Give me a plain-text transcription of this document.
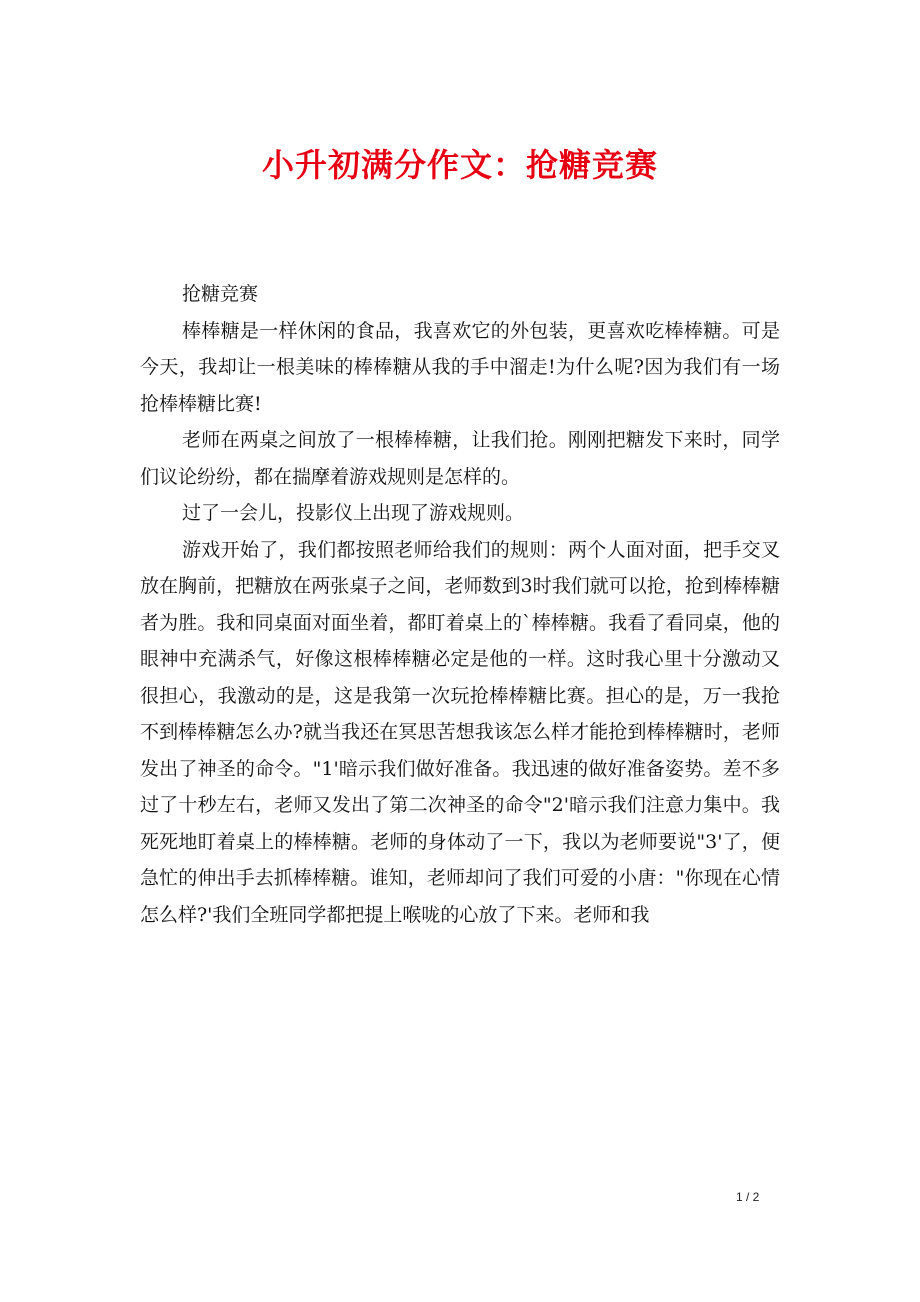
小升初满分作文：抢糖竞赛

抢糖竞赛

棒棒糖是一样休闲的食品，我喜欢它的外包装，更喜欢吃棒棒糖。可是今天，我却让一根美味的棒棒糖从我的手中溜走!为什么呢?因为我们有一场抢棒棒糖比赛!

老师在两桌之间放了一根棒棒糖，让我们抢。刚刚把糖发下来时，同学们议论纷纷，都在揣摩着游戏规则是怎样的。

过了一会儿，投影仪上出现了游戏规则。

游戏开始了，我们都按照老师给我们的规则：两个人面对面，把手交叉放在胸前，把糖放在两张桌子之间，老师数到3时我们就可以抢，抢到棒棒糖者为胜。我和同桌面对面坐着，都盯着桌上的`棒棒糖。我看了看同桌，他的眼神中充满杀气，好像这根棒棒糖必定是他的一样。这时我心里十分激动又很担心，我激动的是，这是我第一次玩抢棒棒糖比赛。担心的是，万一我抢不到棒棒糖怎么办?就当我还在冥思苦想我该怎么样才能抢到棒棒糖时，老师发出了神圣的命令。"1'暗示我们做好准备。我迅速的做好准备姿势。差不多过了十秒左右，老师又发出了第二次神圣的命令"2'暗示我们注意力集中。我死死地盯着桌上的棒棒糖。老师的身体动了一下，我以为老师要说"3'了，便急忙的伸出手去抓棒棒糖。谁知，老师却问了我们可爱的小唐："你现在心情怎么样?'我们全班同学都把提上喉咙的心放了下来。老师和我

1 / 2
